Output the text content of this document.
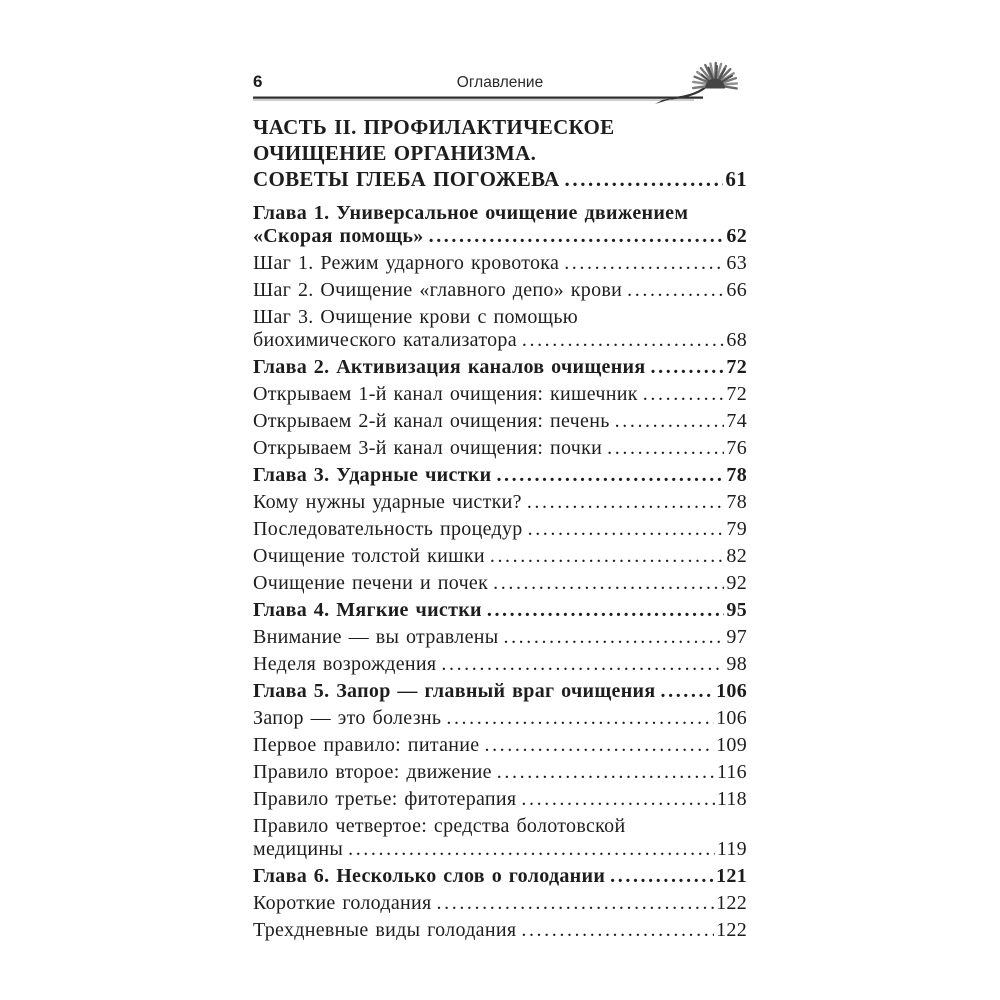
6	Оглавление
ЧАСТЬ II. ПРОФИЛАКТИЧЕСКОЕ
ОЧИЩЕНИЕ ОРГАНИЗМА.
СОВЕТЫ ГЛЕБА ПОГОЖЕВА .....	61
Глава 1. Универсальное очищение движением
«Скорая помощь» .....	62
Шаг 1. Режим ударного кровотока .....	63
Шаг 2. Очищение «главного депо» крови .....	66
Шаг 3. Очищение крови с помощью
биохимического катализатора .....	68
Глава 2. Активизация каналов очищения .....	72
Открываем 1-й канал очищения: кишечник .....	72
Открываем 2-й канал очищения: печень .....	74
Открываем 3-й канал очищения: почки .....	76
Глава 3. Ударные чистки .....	78
Кому нужны ударные чистки? .....	78
Последовательность процедур .....	79
Очищение толстой кишки .....	82
Очищение печени и почек .....	92
Глава 4. Мягкие чистки .....	95
Внимание — вы отравлены .....	97
Неделя возрождения .....	98
Глава 5. Запор — главный враг очищения .....	106
Запор — это болезнь .....	106
Первое правило: питание .....	109
Правило второе: движение .....	116
Правило третье: фитотерапия .....	118
Правило четвертое: средства болотовской
медицины .....	119
Глава 6. Несколько слов о голодании .....	121
Короткие голодания .....	122
Трехдневные виды голодания .....	122
